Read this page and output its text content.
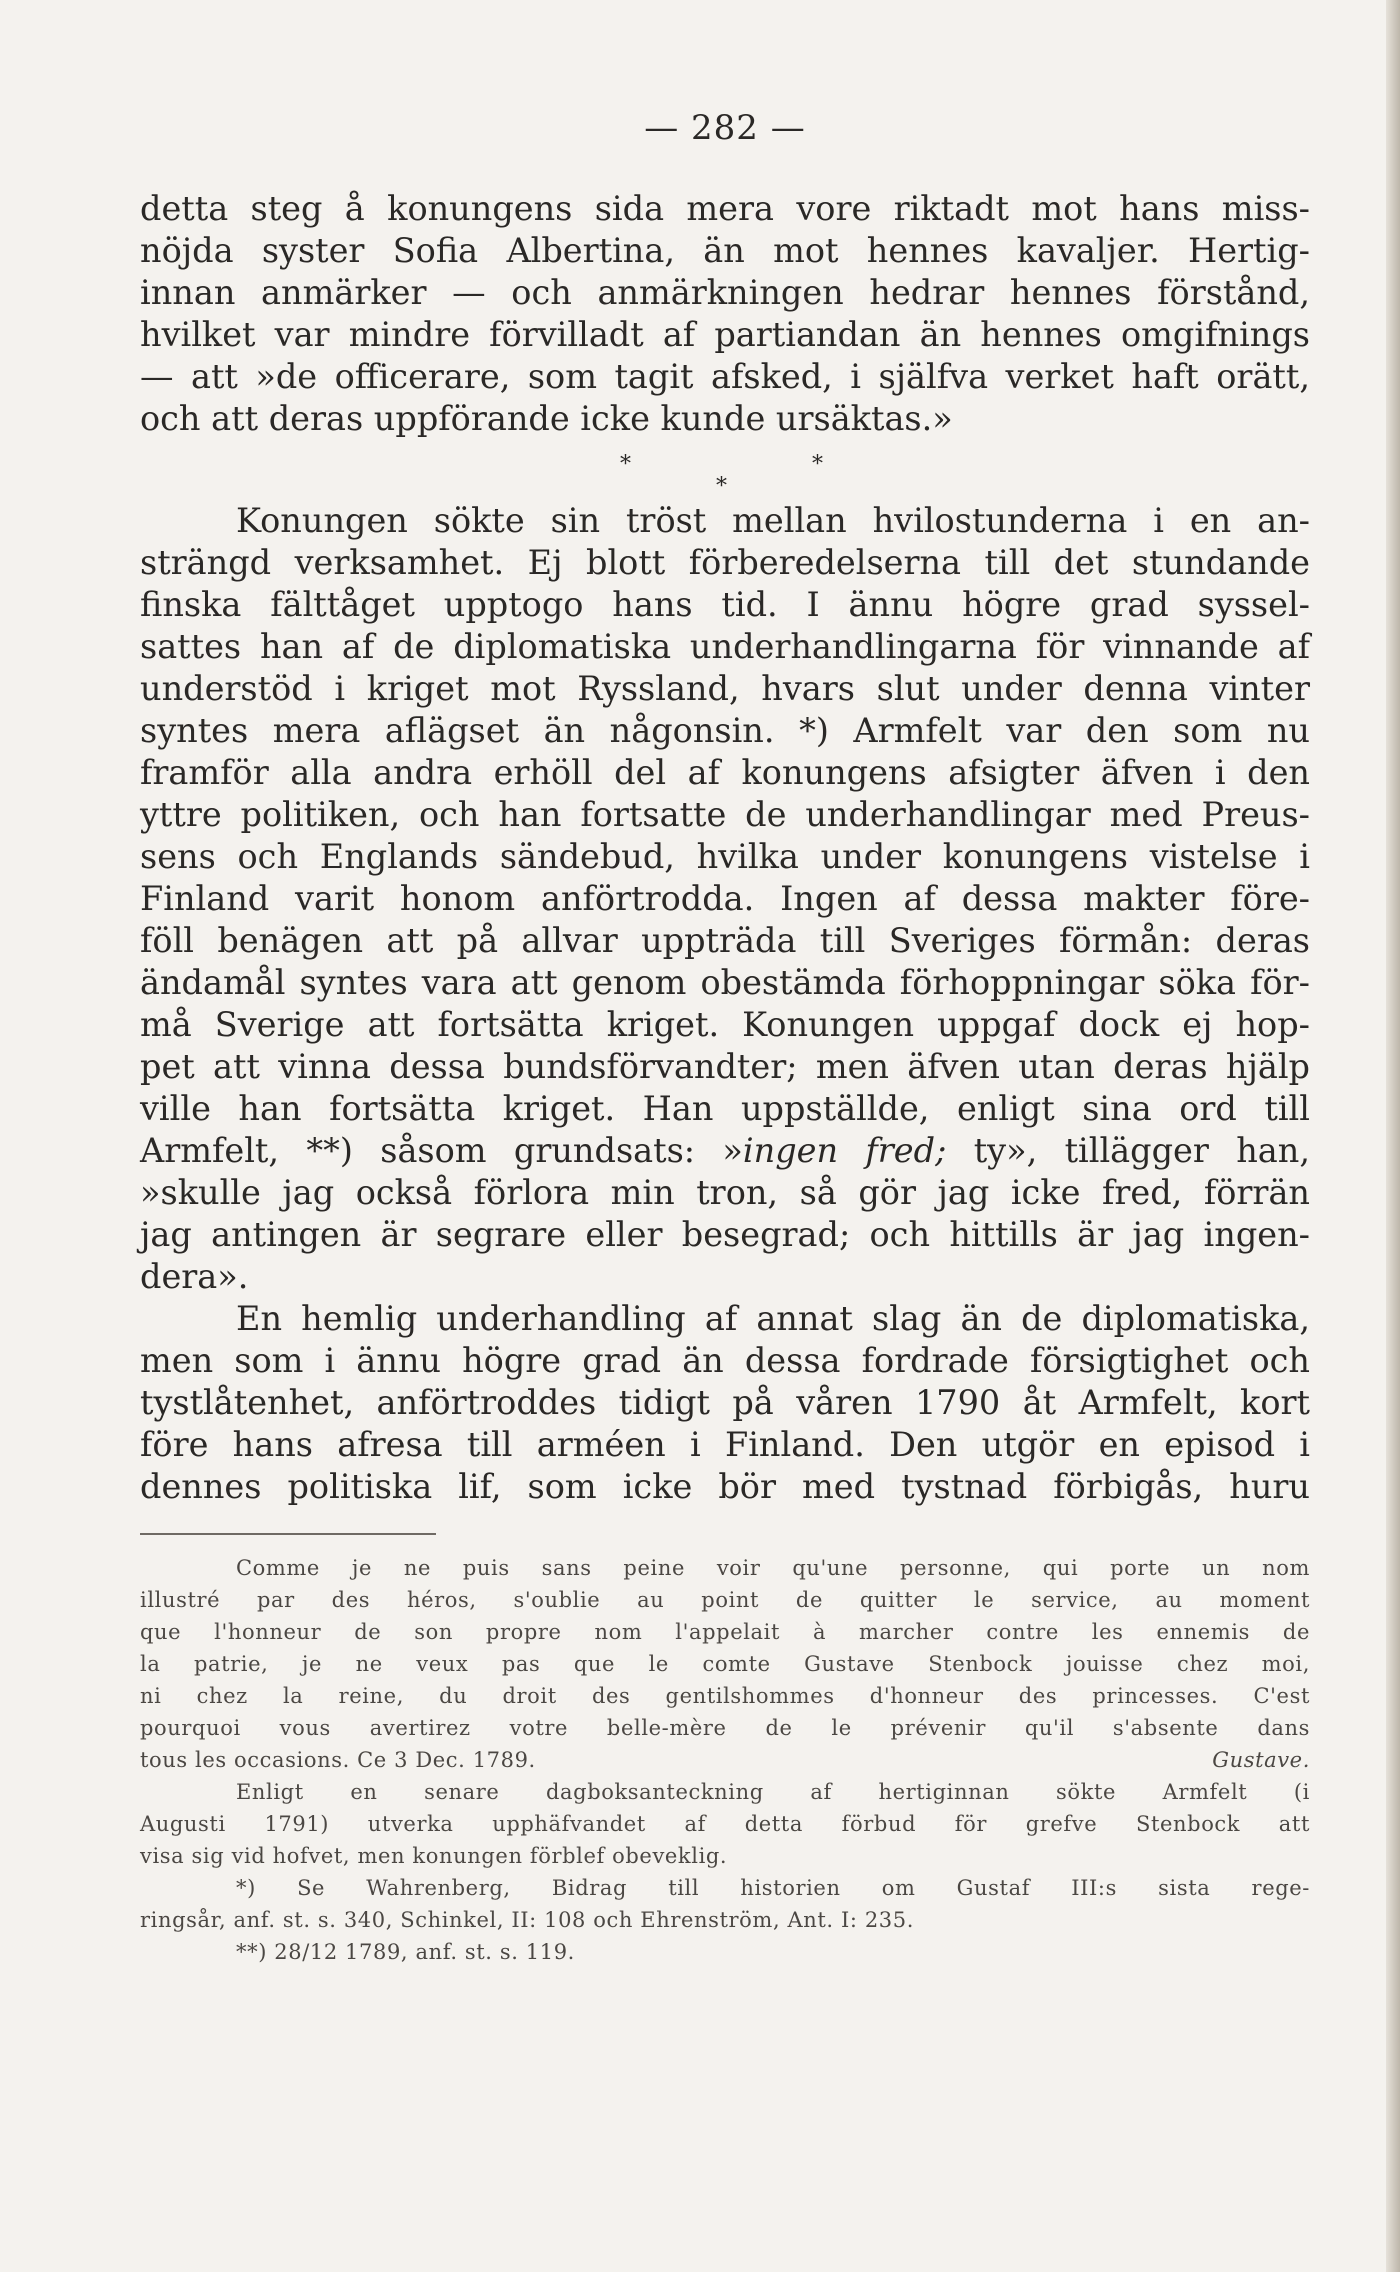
— 282 —
detta steg å konungens sida mera vore riktadt mot hans miss-
nöjda syster Sofia Albertina, än mot hennes kavaljer. Hertig-
innan anmärker — och anmärkningen hedrar hennes förstånd,
hvilket var mindre förvilladt af partiandan än hennes omgifnings
— att »de officerare, som tagit afsked, i själfva verket haft orätt,
och att deras uppförande icke kunde ursäktas.»
*	*
*
Konungen sökte sin tröst mellan hvilostunderna i en an-
strängd verksamhet. Ej blott förberedelserna till det stundande
finska fälttåget upptogo hans tid. I ännu högre grad syssel-
sattes han af de diplomatiska underhandlingarna för vinnande af
understöd i kriget mot Ryssland, hvars slut under denna vinter
syntes mera aflägset än någonsin. *) Armfelt var den som nu
framför alla andra erhöll del af konungens afsigter äfven i den
yttre politiken, och han fortsatte de underhandlingar med Preus-
sens och Englands sändebud, hvilka under konungens vistelse i
Finland varit honom anförtrodda. Ingen af dessa makter före-
föll benägen att på allvar uppträda till Sveriges förmån: deras
ändamål syntes vara att genom obestämda förhoppningar söka för-
må Sverige att fortsätta kriget. Konungen uppgaf dock ej hop-
pet att vinna dessa bundsförvandter; men äfven utan deras hjälp
ville han fortsätta kriget. Han uppställde, enligt sina ord till
Armfelt, **) såsom grundsats: »ingen fred; ty», tillägger han,
»skulle jag också förlora min tron, så gör jag icke fred, förrän
jag antingen är segrare eller besegrad; och hittills är jag ingen-
dera».
En hemlig underhandling af annat slag än de diplomatiska,
men som i ännu högre grad än dessa fordrade försigtighet och
tystlåtenhet, anförtroddes tidigt på våren 1790 åt Armfelt, kort
före hans afresa till arméen i Finland. Den utgör en episod i
dennes politiska lif, som icke bör med tystnad förbigås, huru
Comme je ne puis sans peine voir qu'une personne, qui porte un nom
illustré par des héros, s'oublie au point de quitter le service, au moment
que l'honneur de son propre nom l'appelait à marcher contre les ennemis de
la patrie, je ne veux pas que le comte Gustave Stenbock jouisse chez moi,
ni chez la reine, du droit des gentilshommes d'honneur des princesses. C'est
pourquoi vous avertirez votre belle-mère de le prévenir qu'il s'absente dans
tous les occasions. Ce 3 Dec. 1789.	Gustave.
Enligt en senare dagboksanteckning af hertiginnan sökte Armfelt (i
Augusti 1791) utverka upphäfvandet af detta förbud för grefve Stenbock att
visa sig vid hofvet, men konungen förblef obeveklig.
*) Se Wahrenberg, Bidrag till historien om Gustaf III:s sista rege-
ringsår, anf. st. s. 340, Schinkel, II: 108 och Ehrenström, Ant. I: 235.
**) 28/12 1789, anf. st. s. 119.
